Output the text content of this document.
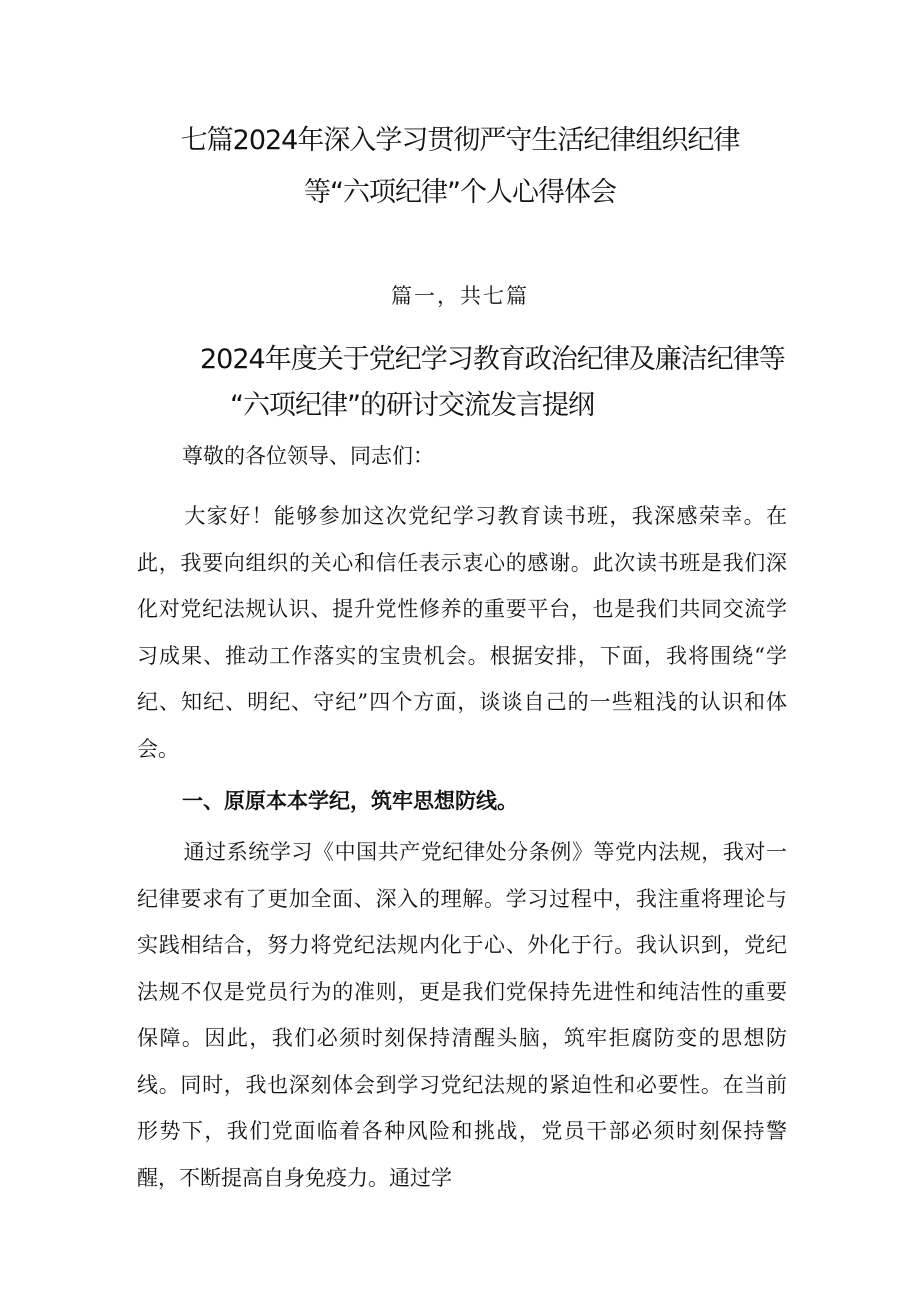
七篇2024年深入学习贯彻严守生活纪律组织纪律
等“六项纪律”个人心得体会
篇一，共七篇
2024年度关于党纪学习教育政治纪律及廉洁纪律等
“六项纪律”的研讨交流发言提纲
尊敬的各位领导、同志们：
大家好！能够参加这次党纪学习教育读书班，我深感荣幸。在此，我要向组织的关心和信任表示衷心的感谢。此次读书班是我们深化对党纪法规认识、提升党性修养的重要平台，也是我们共同交流学习成果、推动工作落实的宝贵机会。根据安排，下面，我将围绕“学纪、知纪、明纪、守纪”四个方面，谈谈自己的一些粗浅的认识和体会。
一、原原本本学纪，筑牢思想防线。
通过系统学习《中国共产党纪律处分条例》等党内法规，我对一纪律要求有了更加全面、深入的理解。学习过程中，我注重将理论与实践相结合，努力将党纪法规内化于心、外化于行。我认识到，党纪法规不仅是党员行为的准则，更是我们党保持先进性和纯洁性的重要保障。因此，我们必须时刻保持清醒头脑，筑牢拒腐防变的思想防线。同时，我也深刻体会到学习党纪法规的紧迫性和必要性。在当前形势下，我们党面临着各种风险和挑战，党员干部必须时刻保持警醒，不断提高自身免疫力。通过学
